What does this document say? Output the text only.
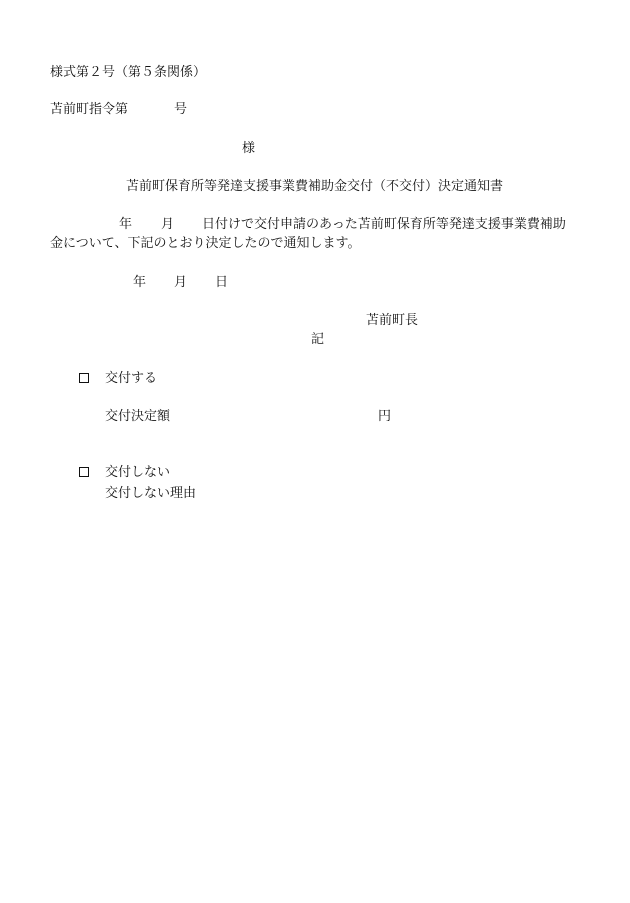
様式第２号（第５条関係）

苫前町指令第	号
様
苫前町保育所等発達支援事業費補助金交付（不交付）決定通知書
年 月 日付けで交付申請のあった苫前町保育所等発達支援事業費補助
金について、下記のとおり決定したので通知します。
年 月 日
苫前町長
記
交付する
交付決定額	円
交付しない
交付しない理由
